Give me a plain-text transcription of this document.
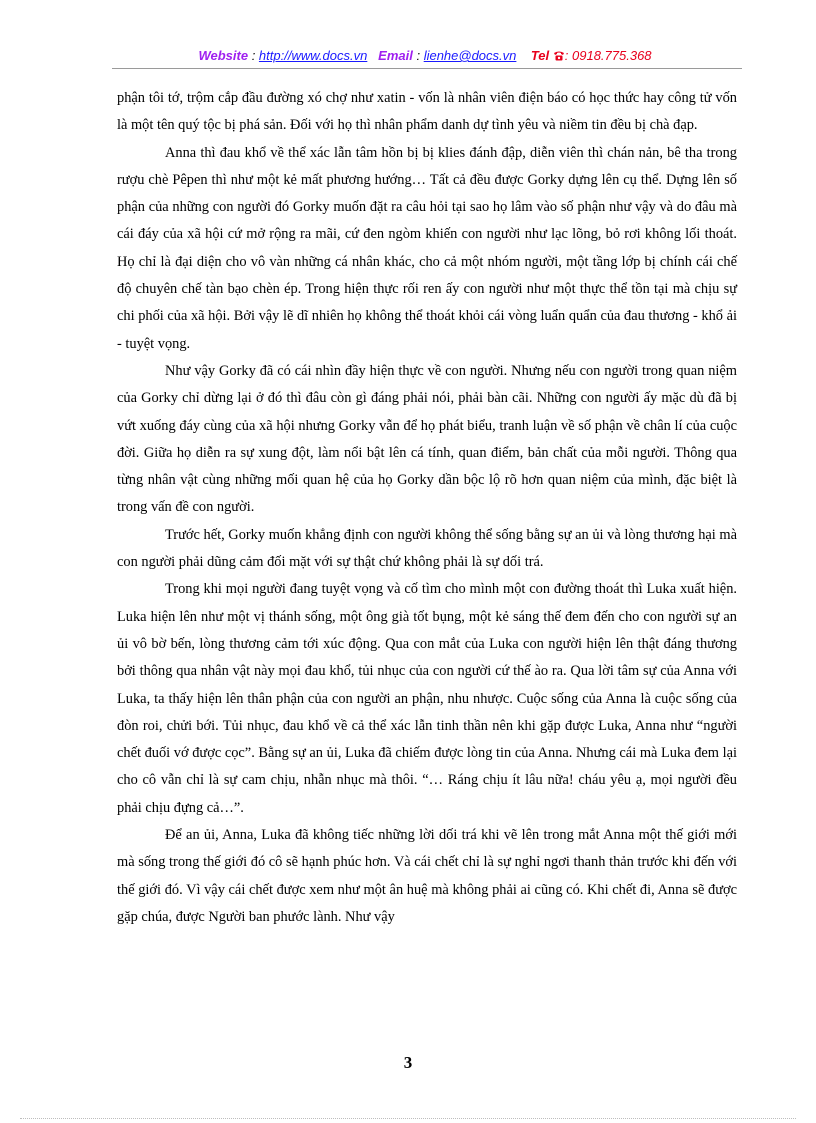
Website : http://www.docs.vn Email : lienhe@docs.vn Tel : 0918.775.368

phận tôi tớ, trộm cắp đầu đường xó chợ như xatin - vốn là nhân viên điện báo có học thức hay công tử vốn là một tên quý tộc bị phá sản. Đối với họ thì nhân phẩm danh dự tình yêu và niềm tin đều bị chà đạp.

Anna thì đau khổ về thể xác lẫn tâm hồn bị bị klies đánh đập, diễn viên thì chán nản, bê tha trong rượu chè Pêpen thì như một kẻ mất phương hướng… Tất cả đều được Gorky dựng lên cụ thể. Dựng lên số phận của những con người đó Gorky muốn đặt ra câu hỏi tại sao họ lâm vào số phận như vậy và do đâu mà cái đáy của xã hội cứ mở rộng ra mãi, cứ đen ngòm khiến con người như lạc lõng, bỏ rơi không lối thoát. Họ chỉ là đại diện cho vô vàn những cá nhân khác, cho cả một nhóm người, một tầng lớp bị chính cái chế độ chuyên chế tàn bạo chèn ép. Trong hiện thực rối ren ấy con người như một thực thể tồn tại mà chịu sự chi phối của xã hội. Bởi vậy lẽ dĩ nhiên họ không thể thoát khỏi cái vòng luẩn quẩn của đau thương - khổ ải - tuyệt vọng.

Như vậy Gorky đã có cái nhìn đầy hiện thực về con người. Nhưng nếu con người trong quan niệm của Gorky chỉ dừng lại ở đó thì đâu còn gì đáng phải nói, phải bàn cãi. Những con người ấy mặc dù đã bị vứt xuống đáy cùng của xã hội nhưng Gorky vẫn để họ phát biểu, tranh luận về số phận về chân lí của cuộc đời. Giữa họ diễn ra sự xung đột, làm nổi bật lên cá tính, quan điểm, bản chất của mỗi người. Thông qua từng nhân vật cùng những mối quan hệ của họ Gorky dần bộc lộ rõ hơn quan niệm của mình, đặc biệt là trong vấn đề con người.

Trước hết, Gorky muốn khẳng định con người không thể sống bằng sự an ủi và lòng thương hại mà con người phải dũng cảm đối mặt với sự thật chứ không phải là sự dối trá.

Trong khi mọi người đang tuyệt vọng và cố tìm cho mình một con đường thoát thì Luka xuất hiện. Luka hiện lên như một vị thánh sống, một ông già tốt bụng, một kẻ sáng thế đem đến cho con người sự an ủi vô bờ bến, lòng thương cảm tới xúc động. Qua con mắt của Luka con người hiện lên thật đáng thương bởi thông qua nhân vật này mọi đau khổ, tủi nhục của con người cứ thế ào ra. Qua lời tâm sự của Anna với Luka, ta thấy hiện lên thân phận của con người an phận, nhu nhược. Cuộc sống của Anna là cuộc sống của đòn roi, chửi bới. Tủi nhục, đau khổ về cả thể xác lẫn tinh thần nên khi gặp được Luka, Anna như “người chết đuối vớ được cọc”. Bằng sự an ủi, Luka đã chiếm được lòng tin của Anna. Nhưng cái mà Luka đem lại cho cô vẫn chỉ là sự cam chịu, nhẫn nhục mà thôi. “… Ráng chịu ít lâu nữa! cháu yêu ạ, mọi người đều phải chịu đựng cả…”.

Để an ủi, Anna, Luka đã không tiếc những lời dối trá khi vẽ lên trong mắt Anna một thế giới mới mà sống trong thế giới đó cô sẽ hạnh phúc hơn. Và cái chết chỉ là sự nghỉ ngơi thanh thản trước khi đến với thế giới đó. Vì vậy cái chết được xem như một ân huệ mà không phải ai cũng có. Khi chết đi, Anna sẽ được gặp chúa, được Người ban phước lành. Như vậy

3
